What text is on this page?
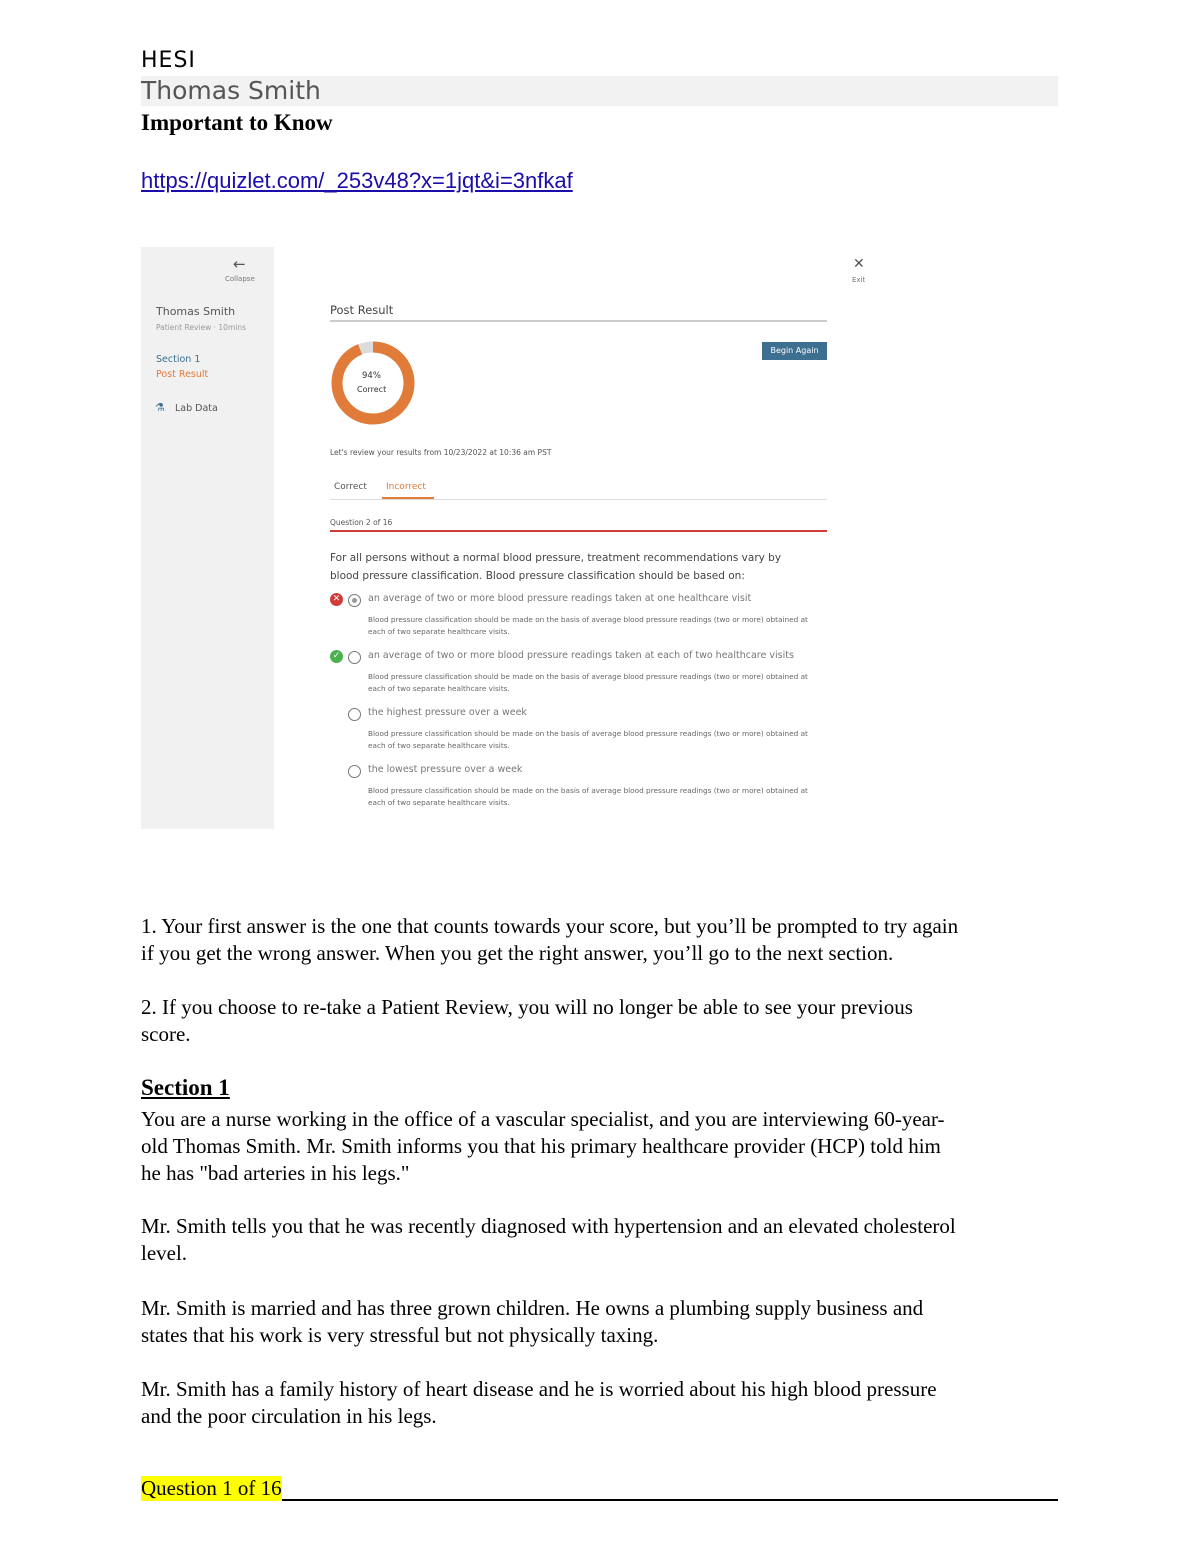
HESI
Thomas Smith
Important to Know
https://quizlet.com/_253v48?x=1jqt&i=3nfkaf
←
Collapse
Thomas Smith
Patient Review · 10mins
Section 1
Post Result
⚗ Lab Data
✕
Exit
Post Result
Begin Again
94%
Correct
Let's review your results from 10/23/2022 at 10:36 am PST
Correct Incorrect
Question 2 of 16
For all persons without a normal blood pressure, treatment recommendations vary by
blood pressure classification. Blood pressure classification should be based on:
✕	an average of two or more blood pressure readings taken at one healthcare visit
Blood pressure classification should be made on the basis of average blood pressure readings (two or more) obtained at each of two separate healthcare visits.
✓	an average of two or more blood pressure readings taken at each of two healthcare visits
Blood pressure classification should be made on the basis of average blood pressure readings (two or more) obtained at each of two separate healthcare visits.
the highest pressure over a week
Blood pressure classification should be made on the basis of average blood pressure readings (two or more) obtained at each of two separate healthcare visits.
the lowest pressure over a week
Blood pressure classification should be made on the basis of average blood pressure readings (two or more) obtained at each of two separate healthcare visits.
1. Your first answer is the one that counts towards your score, but you’ll be prompted to try again
if you get the wrong answer. When you get the right answer, you’ll go to the next section.
2. If you choose to re-take a Patient Review, you will no longer be able to see your previous
score.
Section 1
You are a nurse working in the office of a vascular specialist, and you are interviewing 60-year-
old Thomas Smith. Mr. Smith informs you that his primary healthcare provider (HCP) told him
he has "bad arteries in his legs."
Mr. Smith tells you that he was recently diagnosed with hypertension and an elevated cholesterol
level.
Mr. Smith is married and has three grown children. He owns a plumbing supply business and
states that his work is very stressful but not physically taxing.
Mr. Smith has a family history of heart disease and he is worried about his high blood pressure
and the poor circulation in his legs.
Question 1 of 16
